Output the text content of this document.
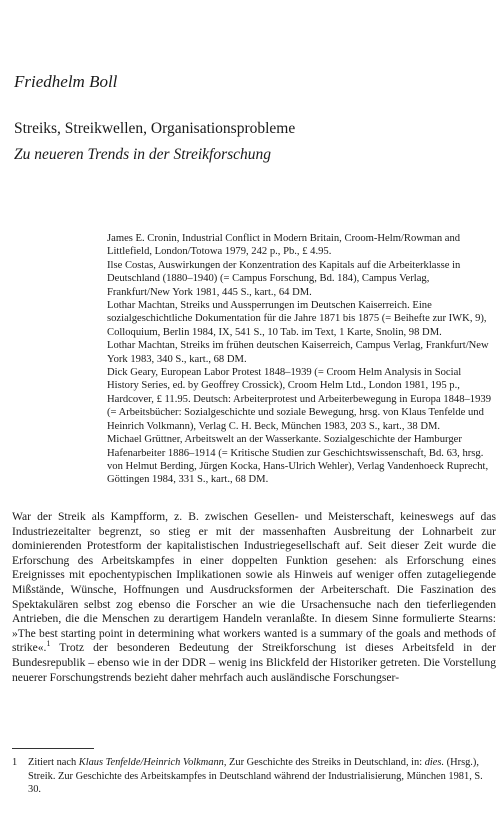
Friedhelm Boll
Streiks, Streikwellen, Organisationsprobleme
Zu neueren Trends in der Streikforschung

James E. Cronin, Industrial Conflict in Modern Britain, Croom-Helm/Rowman and Littlefield, London/Totowa 1979, 242 p., Pb., £ 4.95.

Ilse Costas, Auswirkungen der Konzentration des Kapitals auf die Arbeiterklasse in Deutschland (1880–1940) (= Campus Forschung, Bd. 184), Campus Verlag, Frankfurt/New York 1981, 445 S., kart., 64 DM.

Lothar Machtan, Streiks und Aussperrungen im Deutschen Kaiserreich. Eine sozialgeschichtliche Dokumentation für die Jahre 1871 bis 1875 (= Beihefte zur IWK, 9), Colloquium, Berlin 1984, IX, 541 S., 10 Tab. im Text, 1 Karte, Snolin, 98 DM.

Lothar Machtan, Streiks im frühen deutschen Kaiserreich, Campus Verlag, Frankfurt/New York 1983, 340 S., kart., 68 DM.

Dick Geary, European Labor Protest 1848–1939 (= Croom Helm Analysis in Social History Series, ed. by Geoffrey Crossick), Croom Helm Ltd., London 1981, 195 p., Hardcover, £ 11.95. Deutsch: Arbeiterprotest und Arbeiterbewegung in Europa 1848–1939 (= Arbeitsbücher: Sozialgeschichte und soziale Bewegung, hrsg. von Klaus Tenfelde und Heinrich Volkmann), Verlag C. H. Beck, München 1983, 203 S., kart., 38 DM.

Michael Grüttner, Arbeitswelt an der Wasserkante. Sozialgeschichte der Hamburger Hafenarbeiter 1886–1914 (= Kritische Studien zur Geschichtswissenschaft, Bd. 63, hrsg. von Helmut Berding, Jürgen Kocka, Hans-Ulrich Wehler), Verlag Vandenhoeck Ruprecht, Göttingen 1984, 331 S., kart., 68 DM.

War der Streik als Kampfform, z. B. zwischen Gesellen- und Meisterschaft, keineswegs auf das Industriezeitalter begrenzt, so stieg er mit der massenhaften Ausbreitung der Lohnarbeit zur dominierenden Protestform der kapitalistischen Industriegesellschaft auf. Seit dieser Zeit wurde die Erforschung des Arbeitskampfes in einer doppelten Funktion gesehen: als Erforschung eines Ereignisses mit epochentypischen Implikationen sowie als Hinweis auf weniger offen zutageliegende Mißstände, Wünsche, Hoffnungen und Ausdrucksformen der Arbeiterschaft. Die Faszination des Spektakulären selbst zog ebenso die Forscher an wie die Ursachensuche nach den tieferliegenden Antrieben, die die Menschen zu derartigem Handeln veranlaßte. In diesem Sinne formulierte Stearns: »The best starting point in determining what workers wanted is a summary of the goals and methods of strike«.$^1$ Trotz der besonderen Bedeutung der Streikforschung ist dieses Arbeitsfeld in der Bundesrepublik – ebenso wie in der DDR – wenig ins Blickfeld der Historiker getreten. Die Vorstellung neuerer Forschungstrends bezieht daher mehrfach auch ausländische Forschungser-

1 Zitiert nach Klaus Tenfelde/Heinrich Volkmann, Zur Geschichte des Streiks in Deutschland, in: dies. (Hrsg.), Streik. Zur Geschichte des Arbeitskampfes in Deutschland während der Industrialisierung, München 1981, S. 30.
